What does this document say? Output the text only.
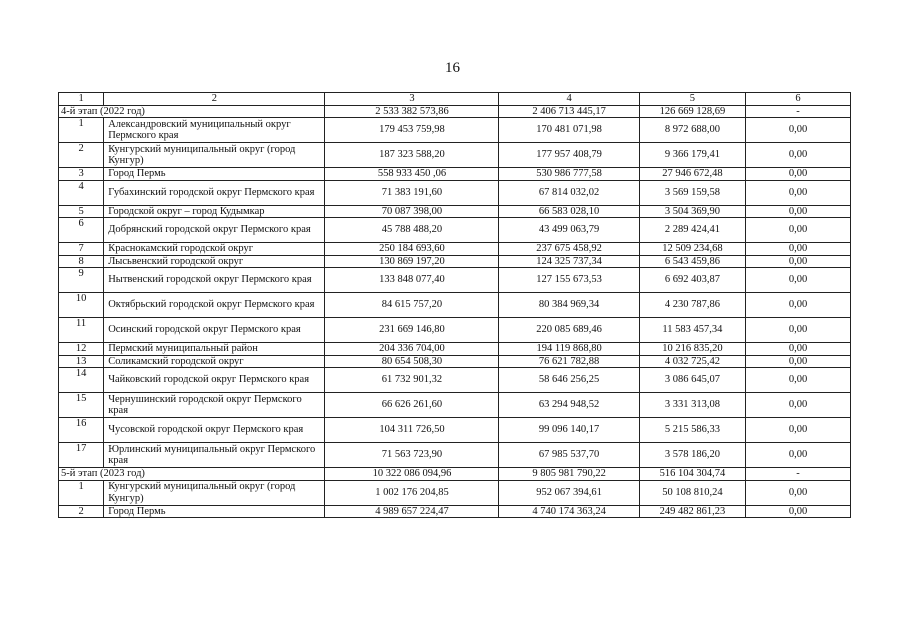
16
1	2	3	4	5	6
4-й этап (2022 год)		2 533 382 573,86	2 406 713 445,17	126 669 128,69	-
1	Александровский муниципальный округ Пермского края	179 453 759,98	170 481 071,98	8 972 688,00	0,00
2	Кунгурский муниципальный округ (город Кунгур)	187 323 588,20	177 957 408,79	9 366 179,41	0,00
3	Город Пермь	558 933 450 ,06	530 986 777,58	27 946 672,48	0,00
4	Губахинский городской округ Пермского края	71 383 191,60	67 814 032,02	3 569 159,58	0,00
5	Городской округ – город Кудымкар	70 087 398,00	66 583 028,10	3 504 369,90	0,00
6	Добрянский городской округ Пермского края	45 788 488,20	43 499 063,79	2 289 424,41	0,00
7	Краснокамский городской округ	250 184 693,60	237 675 458,92	12 509 234,68	0,00
8	Лысьвенский городской округ	130 869 197,20	124 325 737,34	6 543 459,86	0,00
9	Нытвенский городской округ Пермского края	133 848 077,40	127 155 673,53	6 692 403,87	0,00
10	Октябрьский городской округ Пермского края	84 615 757,20	80 384 969,34	4 230 787,86	0,00
11	Осинский городской округ Пермского края	231 669 146,80	220 085 689,46	11 583 457,34	0,00
12	Пермский муниципальный район	204 336 704,00	194 119 868,80	10 216 835,20	0,00
13	Соликамский городской округ	80 654 508,30	76 621 782,88	4 032 725,42	0,00
14	Чайковский городской округ Пермского края	61 732 901,32	58 646 256,25	3 086 645,07	0,00
15	Чернушинский городской округ Пермского края	66 626 261,60	63 294 948,52	3 331 313,08	0,00
16	Чусовской городской округ Пермского края	104 311 726,50	99 096 140,17	5 215 586,33	0,00
17	Юрлинский муниципальный округ Пермского края	71 563 723,90	67 985 537,70	3 578 186,20	0,00
5-й этап (2023 год)		10 322 086 094,96	9 805 981 790,22	516 104 304,74	-
1	Кунгурский муниципальный округ (город Кунгур)	1 002 176 204,85	952 067 394,61	50 108 810,24	0,00
2	Город Пермь	4 989 657 224,47	4 740 174 363,24	249 482 861,23	0,00
